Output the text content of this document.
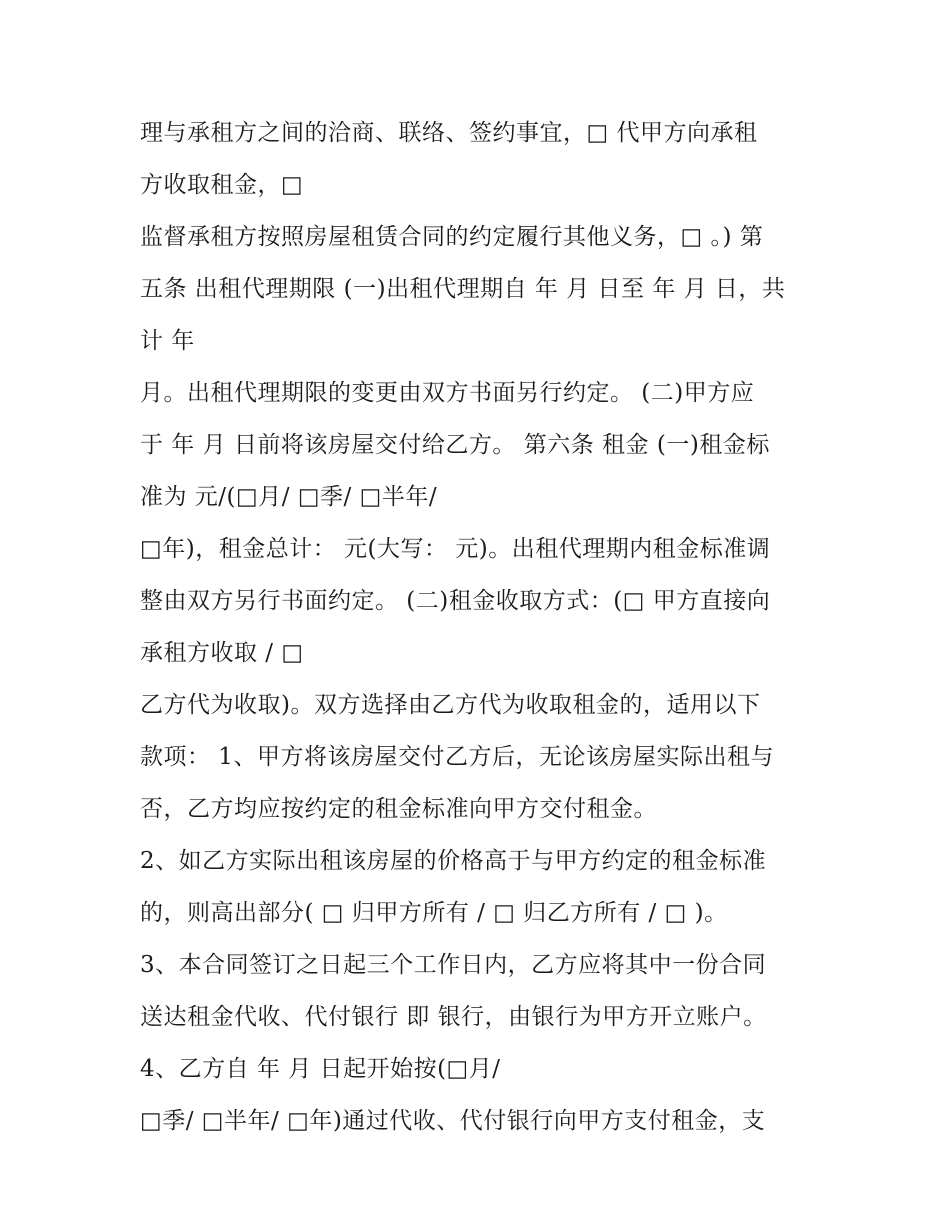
理与承租方之间的洽商、联络、签约事宜，□ 代甲方向承租
方收取租金，□
监督承租方按照房屋租赁合同的约定履行其他义务，□ 。) 第
五条 出租代理期限 (一)出租代理期自 年 月 日至 年 月 日，共
计 年
月。出租代理期限的变更由双方书面另行约定。 (二)甲方应
于 年 月 日前将该房屋交付给乙方。 第六条 租金 (一)租金标
准为 元/(□月/ □季/ □半年/
□年)，租金总计： 元(大写： 元)。出租代理期内租金标准调
整由双方另行书面约定。 (二)租金收取方式：(□ 甲方直接向
承租方收取 / □
乙方代为收取)。双方选择由乙方代为收取租金的，适用以下
款项： 1、甲方将该房屋交付乙方后，无论该房屋实际出租与
否，乙方均应按约定的租金标准向甲方交付租金。
2、如乙方实际出租该房屋的价格高于与甲方约定的租金标准
的，则高出部分( □ 归甲方所有 / □ 归乙方所有 / □ )。
3、本合同签订之日起三个工作日内，乙方应将其中一份合同
送达租金代收、代付银行 即 银行，由银行为甲方开立账户。
4、乙方自 年 月 日起开始按(□月/
□季/ □半年/ □年)通过代收、代付银行向甲方支付租金，支
